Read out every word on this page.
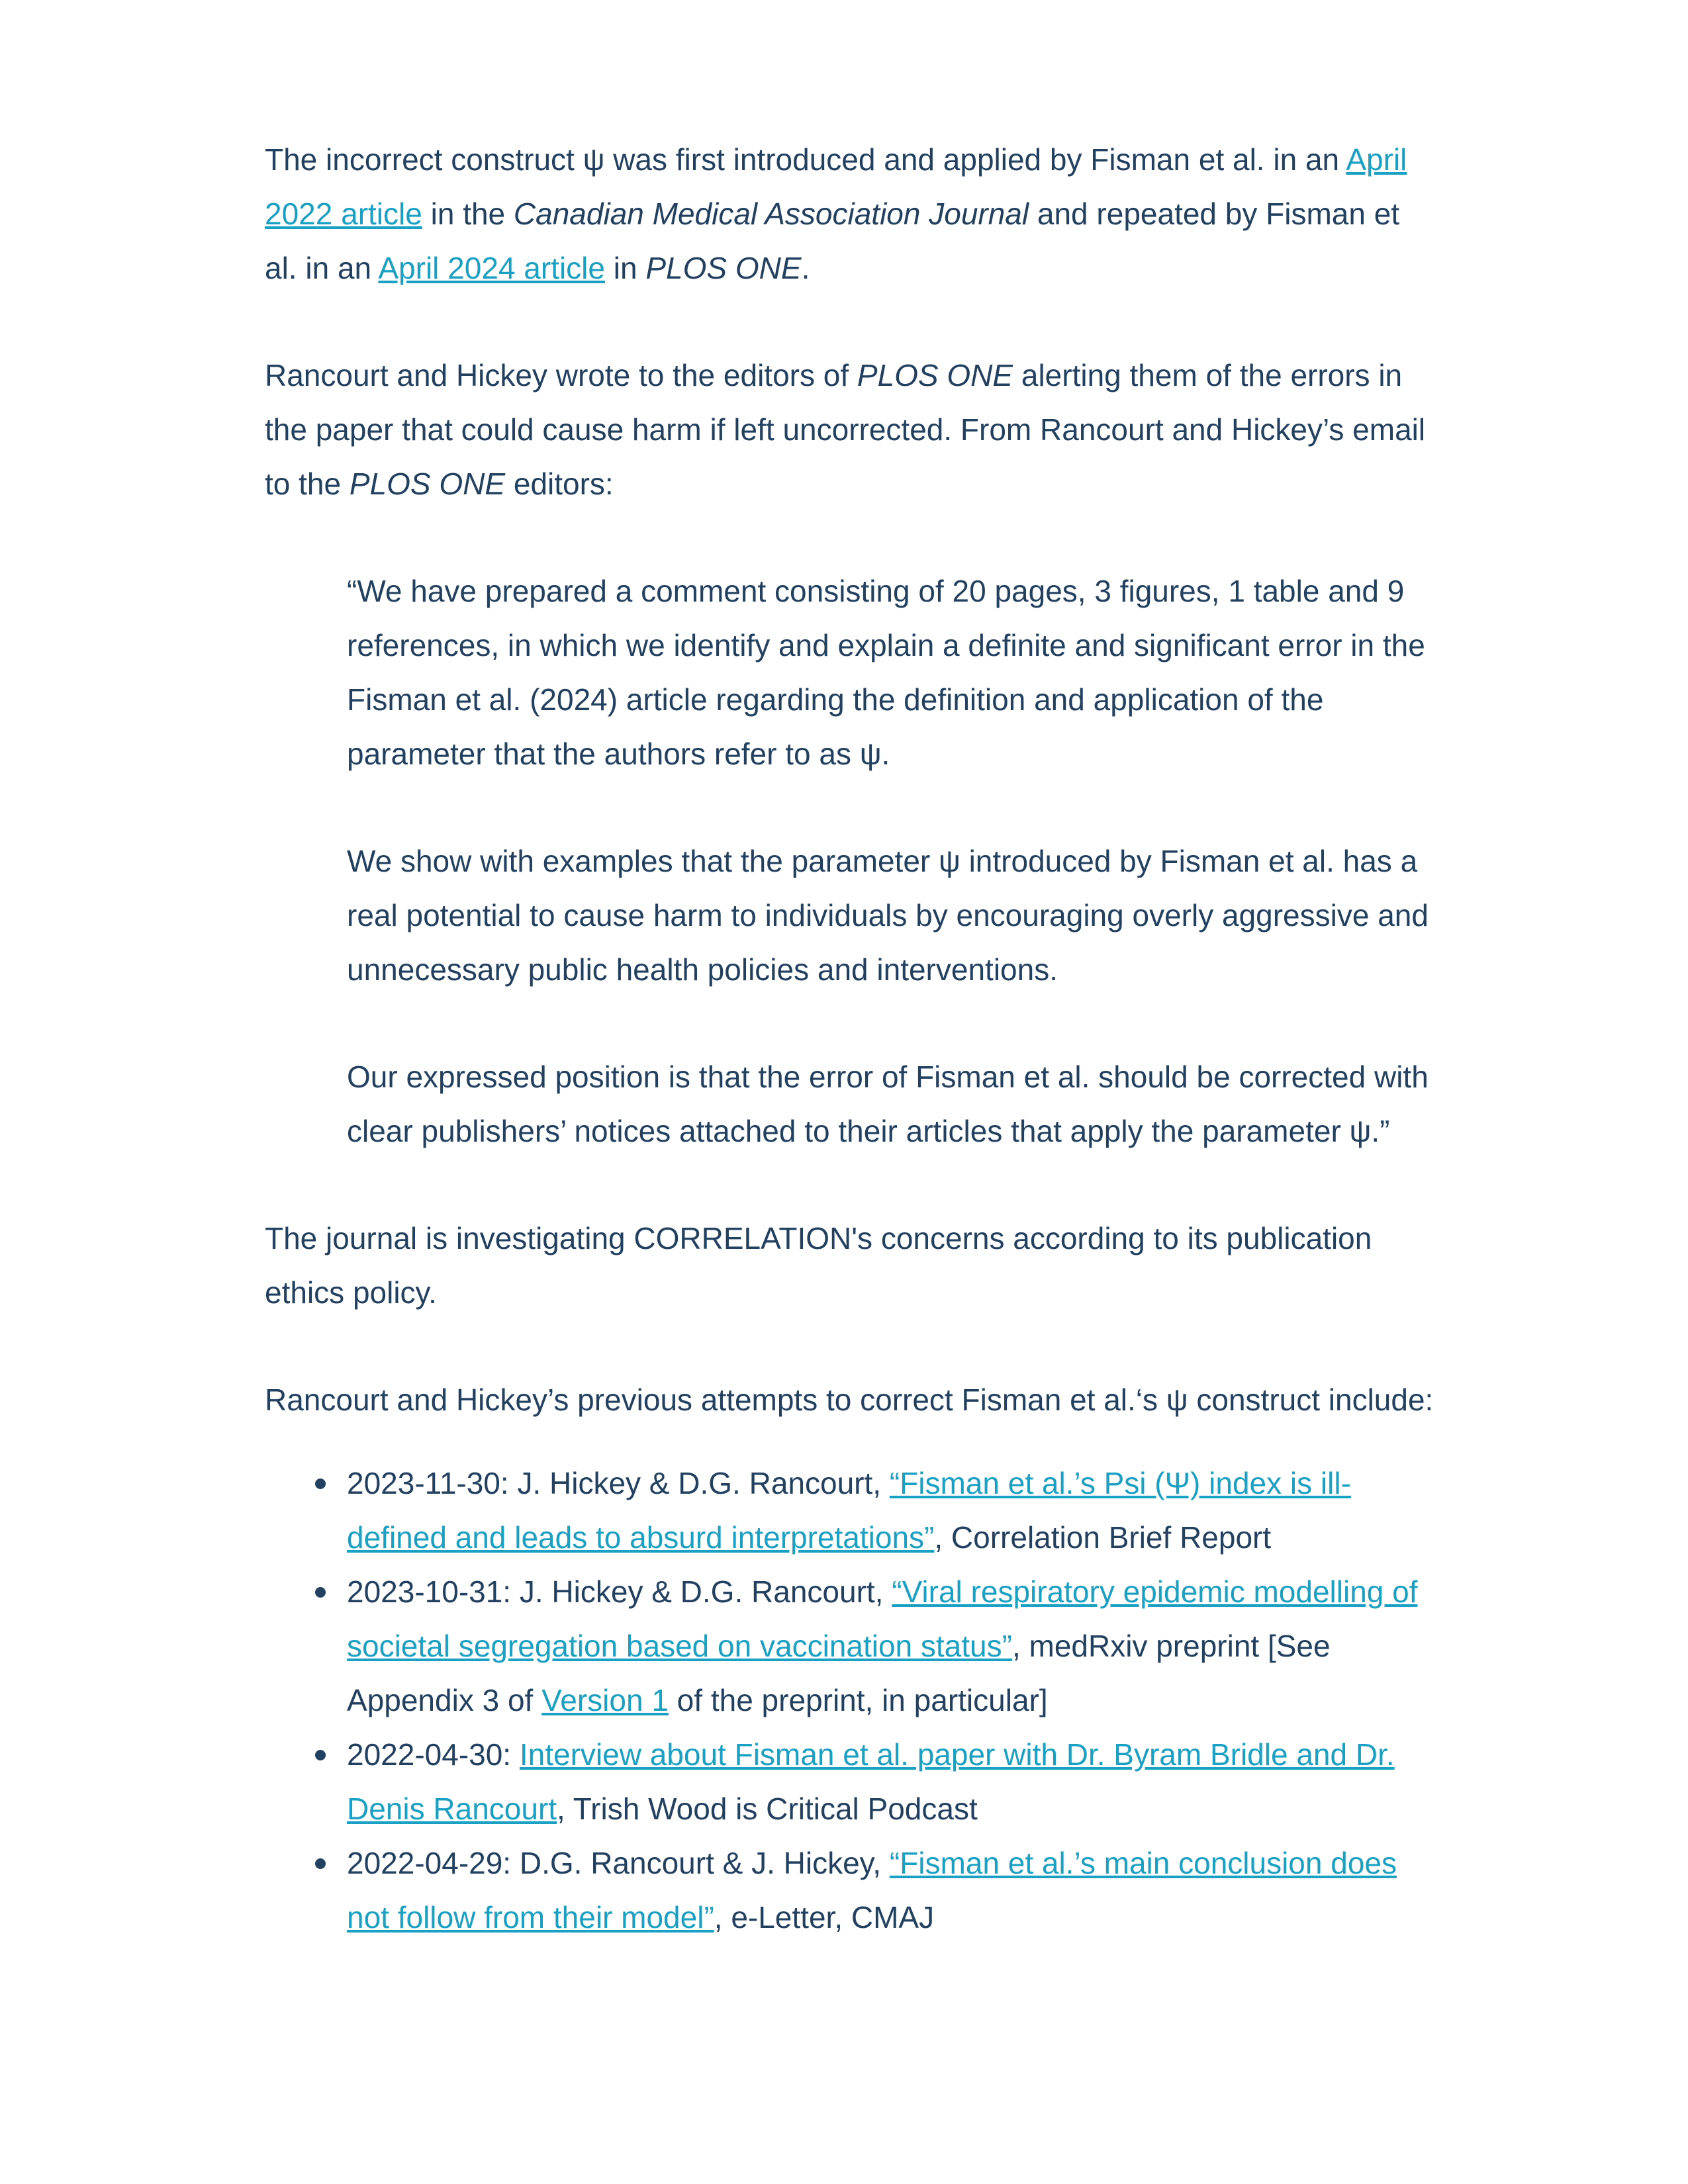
The incorrect construct ψ was first introduced and applied by Fisman et al. in an April 2022 article in the Canadian Medical Association Journal and repeated by Fisman et al. in an April 2024 article in PLOS ONE.

Rancourt and Hickey wrote to the editors of PLOS ONE alerting them of the errors in the paper that could cause harm if left uncorrected. From Rancourt and Hickey’s email to the PLOS ONE editors:

“We have prepared a comment consisting of 20 pages, 3 figures, 1 table and 9 references, in which we identify and explain a definite and significant error in the Fisman et al. (2024) article regarding the definition and application of the parameter that the authors refer to as ψ.

We show with examples that the parameter ψ introduced by Fisman et al. has a real potential to cause harm to individuals by encouraging overly aggressive and unnecessary public health policies and interventions.

Our expressed position is that the error of Fisman et al. should be corrected with clear publishers’ notices attached to their articles that apply the parameter ψ.”

The journal is investigating CORRELATION's concerns according to its publication ethics policy.

Rancourt and Hickey’s previous attempts to correct Fisman et al.‘s ψ construct include:

2023-11-30: J. Hickey & D.G. Rancourt, “Fisman et al.’s Psi (Ψ) index is ill-defined and leads to absurd interpretations”, Correlation Brief Report
2023-10-31: J. Hickey & D.G. Rancourt, “Viral respiratory epidemic modelling of societal segregation based on vaccination status”, medRxiv preprint [See Appendix 3 of Version 1 of the preprint, in particular]
2022-04-30: Interview about Fisman et al. paper with Dr. Byram Bridle and Dr. Denis Rancourt, Trish Wood is Critical Podcast
2022-04-29: D.G. Rancourt & J. Hickey, “Fisman et al.’s main conclusion does not follow from their model”, e-Letter, CMAJ
